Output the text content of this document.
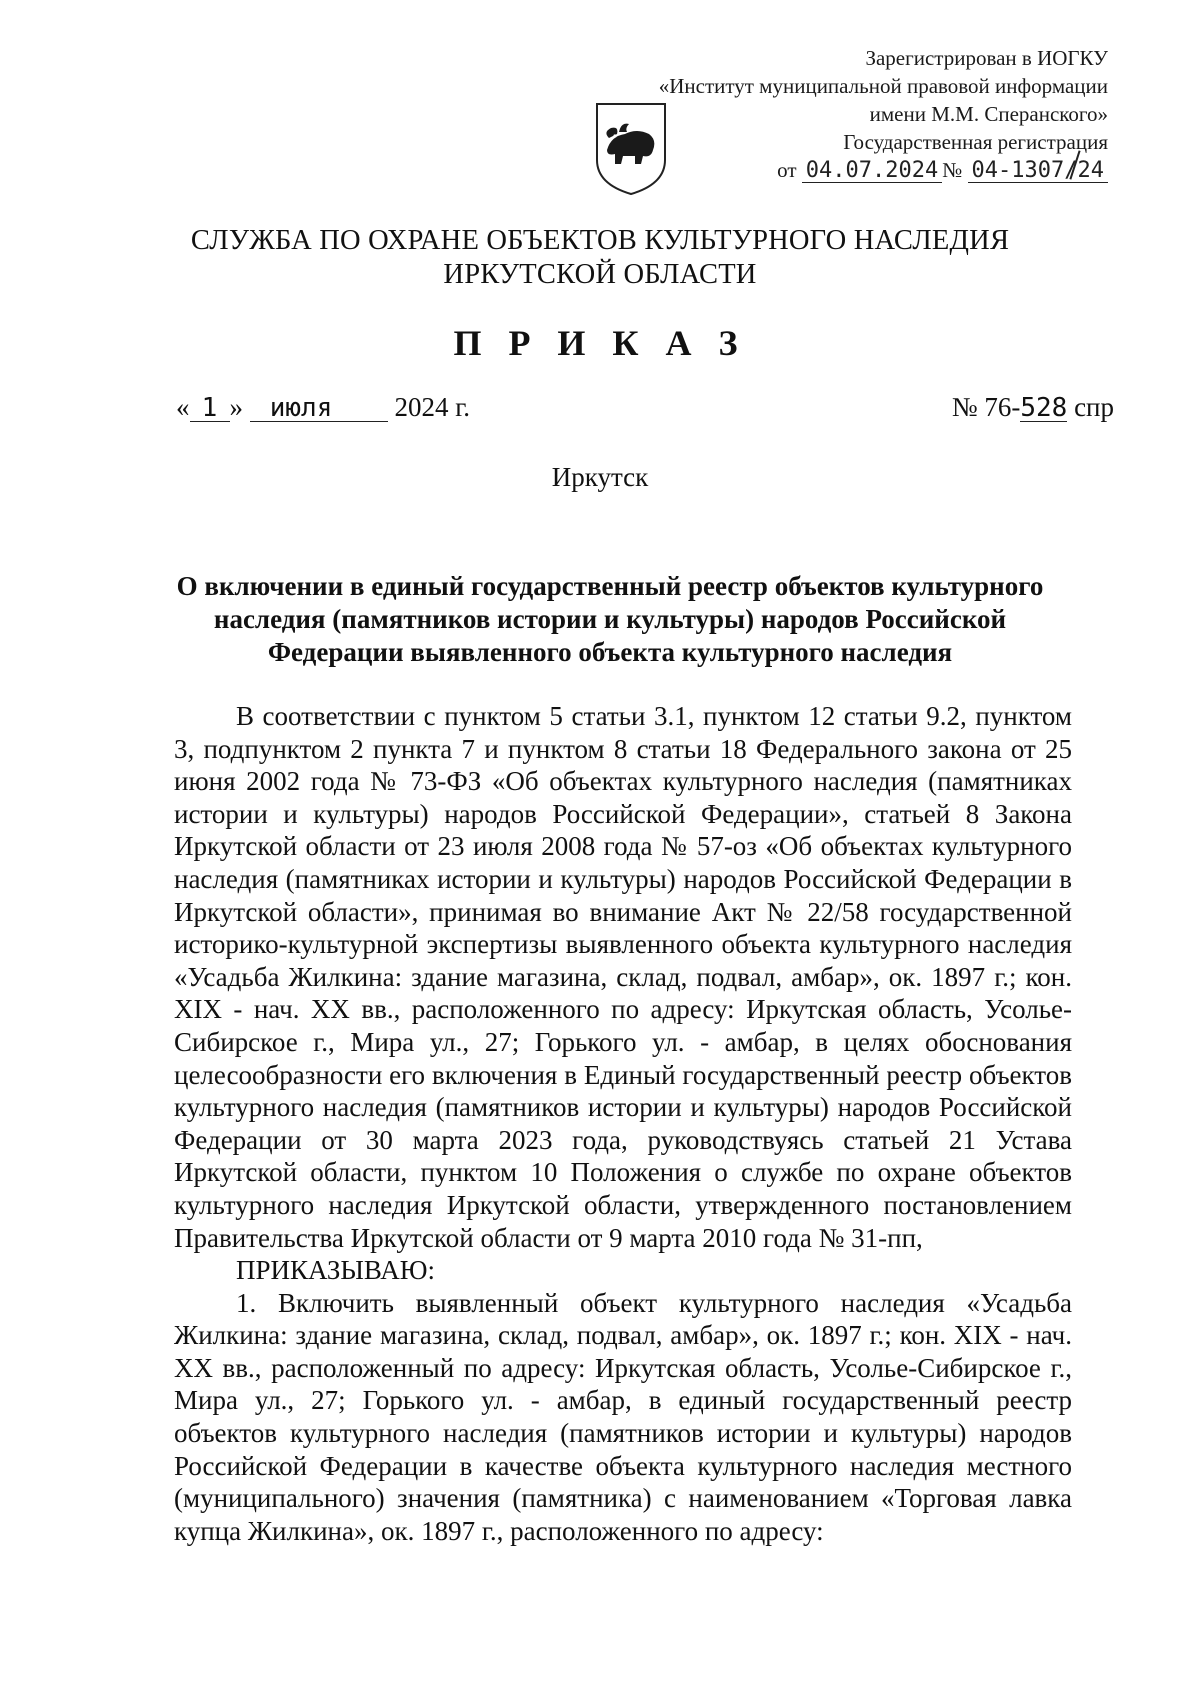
Зарегистрирован в ИОГКУ
«Институт муниципальной правовой информации
имени М.М. Сперанского»
Государственная регистрация
от 04.07.2024 № 04-1307/24
СЛУЖБА ПО ОХРАНЕ ОБЪЕКТОВ КУЛЬТУРНОГО НАСЛЕДИЯ
ИРКУТСКОЙ ОБЛАСТИ
П Р И К А З
« 1 » июля 2024 г.	№ 76-528 спр
Иркутск
О включении в единый государственный реестр объектов культурного наследия (памятников истории и культуры) народов Российской Федерации выявленного объекта культурного наследия

В соответствии с пунктом 5 статьи 3.1, пунктом 12 статьи 9.2, пунктом 3, подпунктом 2 пункта 7 и пунктом 8 статьи 18 Федерального закона от 25 июня 2002 года № 73-ФЗ «Об объектах культурного наследия (памятниках истории и культуры) народов Российской Федерации», статьей 8 Закона Иркутской области от 23 июля 2008 года № 57-оз «Об объектах культурного наследия (памятниках истории и культуры) народов Российской Федерации в Иркутской области», принимая во внимание Акт № 22/58 государственной историко-культурной экспертизы выявленного объекта культурного наследия «Усадьба Жилкина: здание магазина, склад, подвал, амбар», ок. 1897 г.; кон. XIX - нач. XX вв., расположенного по адресу: Иркутская область, Усолье-Сибирское г., Мира ул., 27; Горького ул. - амбар, в целях обоснования целесообразности его включения в Единый государственный реестр объектов культурного наследия (памятников истории и культуры) народов Российской Федерации от 30 марта 2023 года, руководствуясь статьей 21 Устава Иркутской области, пунктом 10 Положения о службе по охране объектов культурного наследия Иркутской области, утвержденного постановлением Правительства Иркутской области от 9 марта 2010 года № 31-пп,

ПРИКАЗЫВАЮ:

1. Включить выявленный объект культурного наследия «Усадьба Жилкина: здание магазина, склад, подвал, амбар», ок. 1897 г.; кон. XIX - нач. XX вв., расположенный по адресу: Иркутская область, Усолье-Сибирское г., Мира ул., 27; Горького ул. - амбар, в единый государственный реестр объектов культурного наследия (памятников истории и культуры) народов Российской Федерации в качестве объекта культурного наследия местного (муниципального) значения (памятника) с наименованием «Торговая лавка купца Жилкина», ок. 1897 г., расположенного по адресу:
